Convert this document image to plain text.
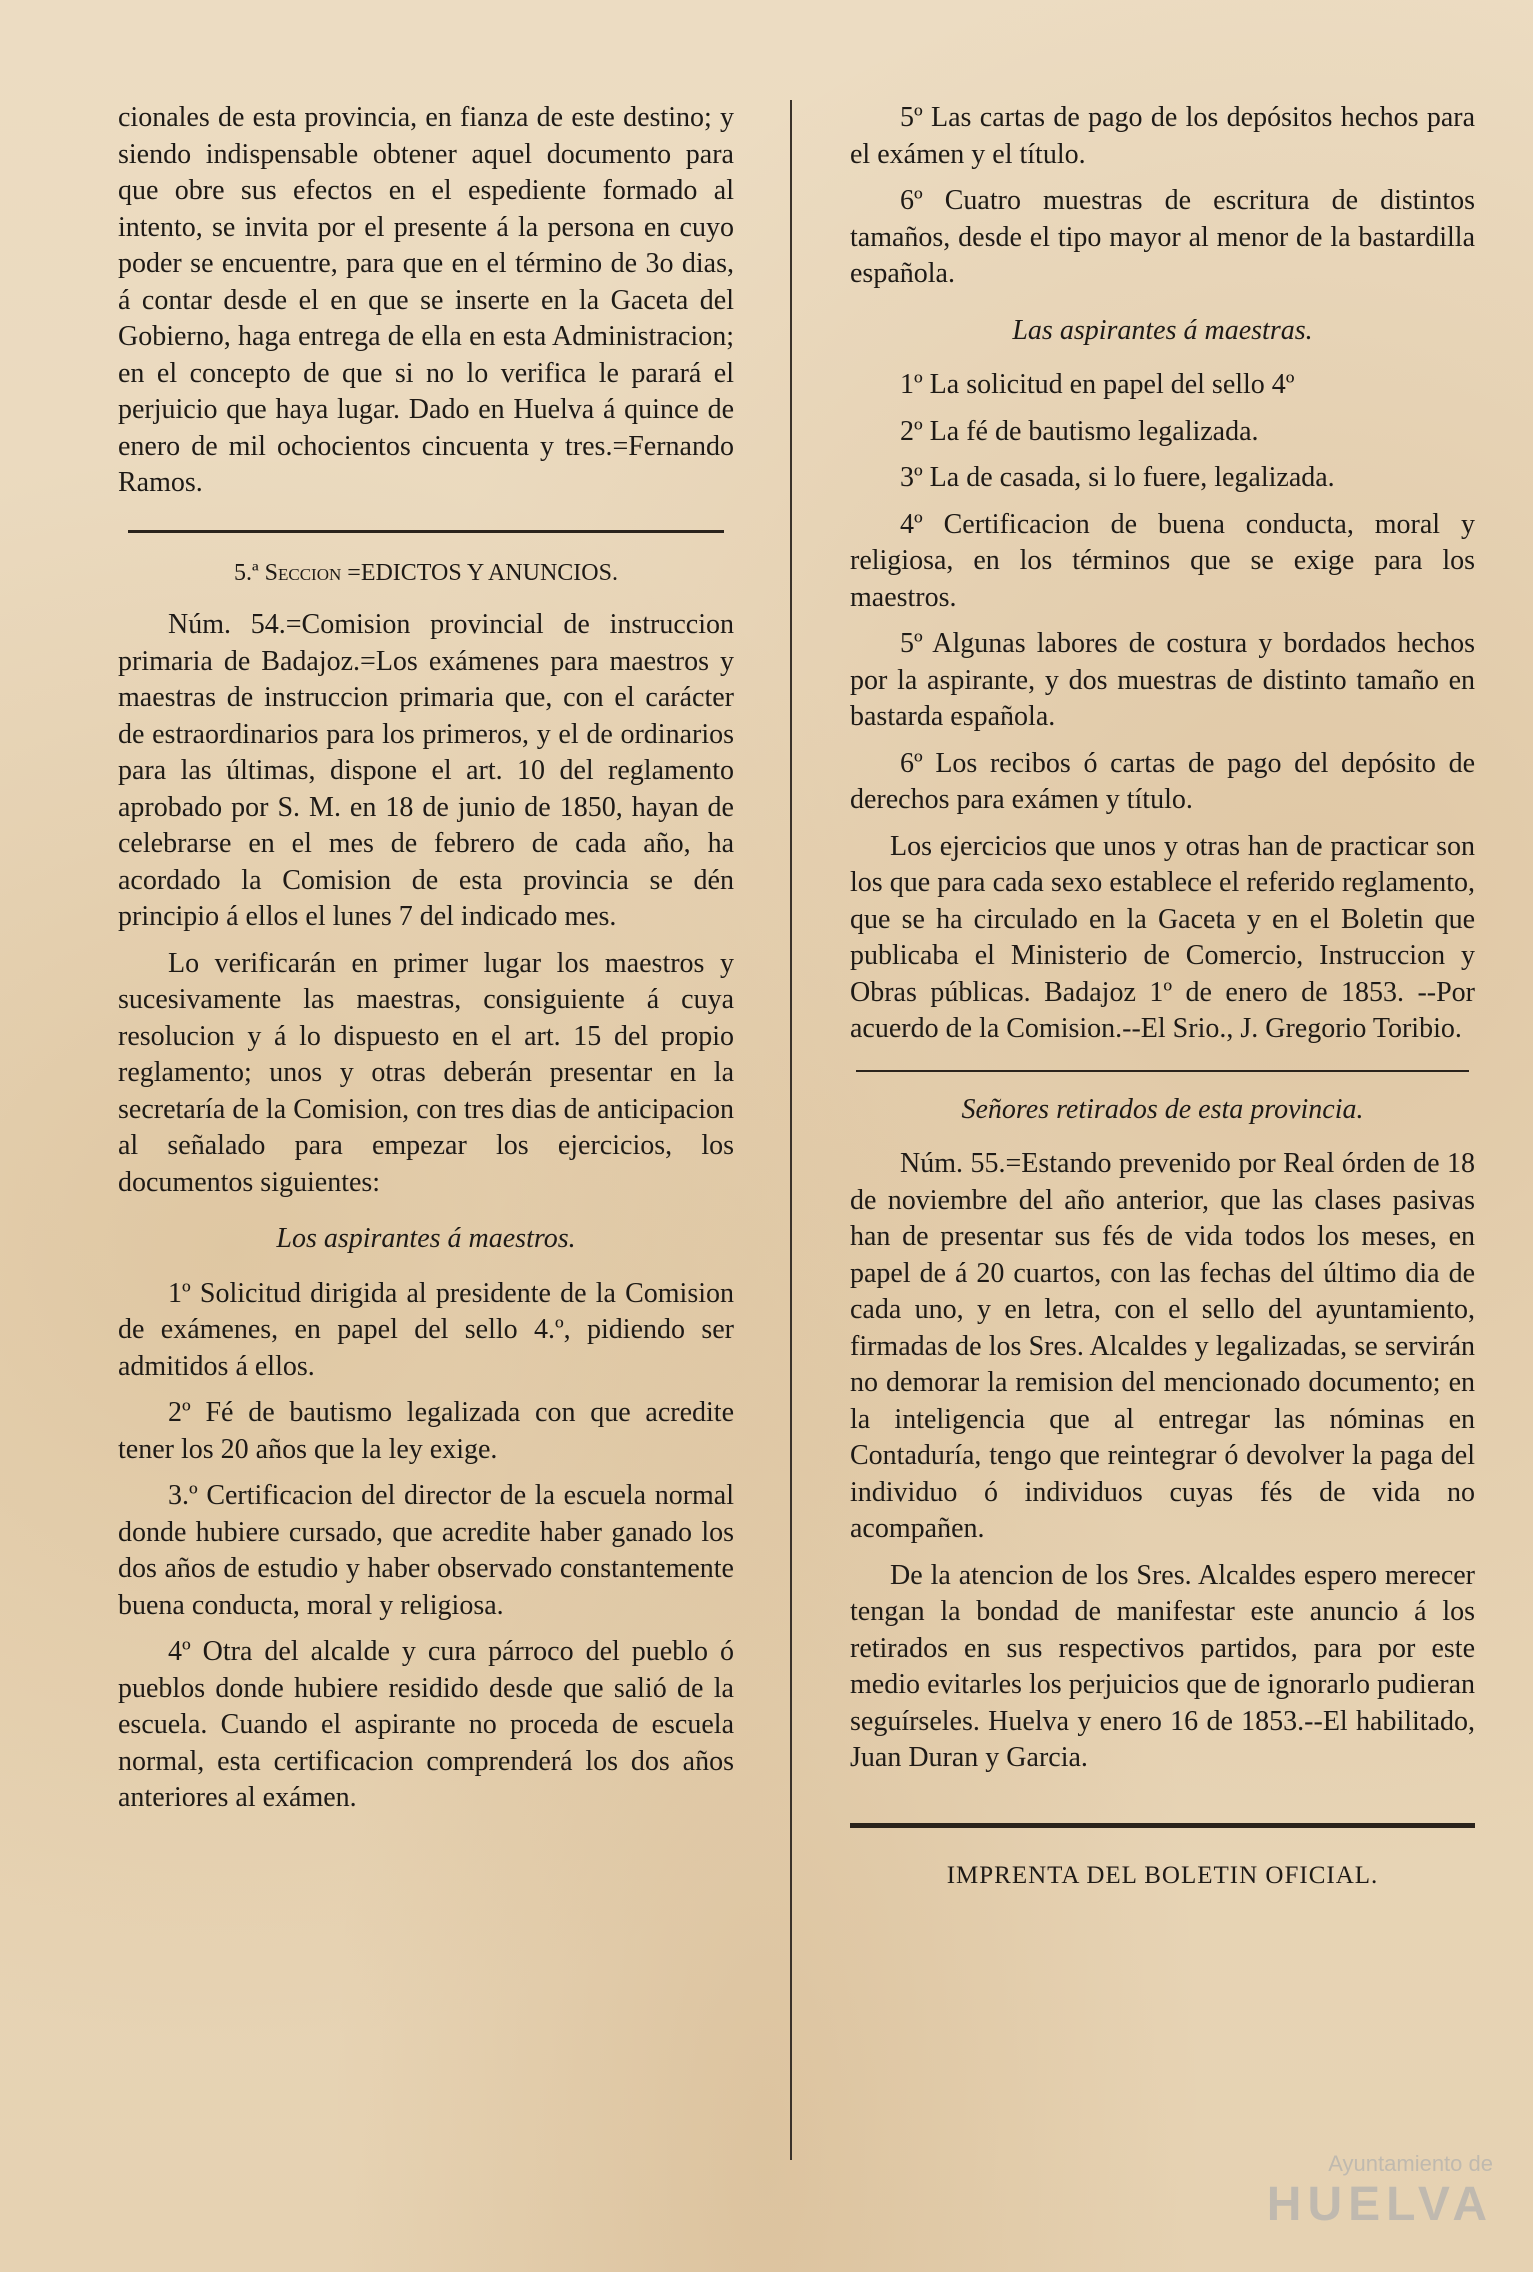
cionales de esta provincia, en fianza de este destino; y siendo indispensable obtener aquel documento para que obre sus efectos en el espediente formado al intento, se invita por el presente á la persona en cuyo poder se encuentre, para que en el término de 3o dias, á contar desde el en que se inserte en la Gaceta del Gobierno, haga entrega de ella en esta Administracion; en el concepto de que si no lo verifica le parará el perjuicio que haya lugar. Dado en Huelva á quince de enero de mil ochocientos cincuenta y tres.=Fernando Ramos.

5.ª Seccion =EDICTOS Y ANUNCIOS.

Núm. 54.=Comision provincial de instruccion primaria de Badajoz.=Los exámenes para maestros y maestras de instruccion primaria que, con el carácter de estraordinarios para los primeros, y el de ordinarios para las últimas, dispone el art. 10 del reglamento aprobado por S. M. en 18 de junio de 1850, hayan de celebrarse en el mes de febrero de cada año, ha acordado la Comision de esta provincia se dén principio á ellos el lunes 7 del indicado mes.

Lo verificarán en primer lugar los maestros y sucesivamente las maestras, consiguiente á cuya resolucion y á lo dispuesto en el art. 15 del propio reglamento; unos y otras deberán presentar en la secretaría de la Comision, con tres dias de anticipacion al señalado para empezar los ejercicios, los documentos siguientes:

Los aspirantes á maestros.

1º Solicitud dirigida al presidente de la Comision de exámenes, en papel del sello 4.º, pidiendo ser admitidos á ellos.

2º Fé de bautismo legalizada con que acredite tener los 20 años que la ley exige.

3.º Certificacion del director de la escuela normal donde hubiere cursado, que acredite haber ganado los dos años de estudio y haber observado constantemente buena conducta, moral y religiosa.

4º Otra del alcalde y cura párroco del pueblo ó pueblos donde hubiere residido desde que salió de la escuela. Cuando el aspirante no proceda de escuela normal, esta certificacion comprenderá los dos años anteriores al exámen.

5º Las cartas de pago de los depósitos hechos para el exámen y el título.

6º Cuatro muestras de escritura de distintos tamaños, desde el tipo mayor al menor de la bastardilla española.

Las aspirantes á maestras.

1º La solicitud en papel del sello 4º

2º La fé de bautismo legalizada.

3º La de casada, si lo fuere, legalizada.

4º Certificacion de buena conducta, moral y religiosa, en los términos que se exige para los maestros.

5º Algunas labores de costura y bordados hechos por la aspirante, y dos muestras de distinto tamaño en bastarda española.

6º Los recibos ó cartas de pago del depósito de derechos para exámen y título.

Los ejercicios que unos y otras han de practicar son los que para cada sexo establece el referido reglamento, que se ha circulado en la Gaceta y en el Boletin que publicaba el Ministerio de Comercio, Instruccion y Obras públicas. Badajoz 1º de enero de 1853. --Por acuerdo de la Comision.--El Srio., J. Gregorio Toribio.

Señores retirados de esta provincia.

Núm. 55.=Estando prevenido por Real órden de 18 de noviembre del año anterior, que las clases pasivas han de presentar sus fés de vida todos los meses, en papel de á 20 cuartos, con las fechas del último dia de cada uno, y en letra, con el sello del ayuntamiento, firmadas de los Sres. Alcaldes y legalizadas, se servirán no demorar la remision del mencionado documento; en la inteligencia que al entregar las nóminas en Contaduría, tengo que reintegrar ó devolver la paga del individuo ó individuos cuyas fés de vida no acompañen.

De la atencion de los Sres. Alcaldes espero merecer tengan la bondad de manifestar este anuncio á los retirados en sus respectivos partidos, para por este medio evitarles los perjuicios que de ignorarlo pudieran seguírseles. Huelva y enero 16 de 1853.--El habilitado, Juan Duran y Garcia.

IMPRENTA DEL BOLETIN OFICIAL.
Ayuntamiento de
HUELVA
